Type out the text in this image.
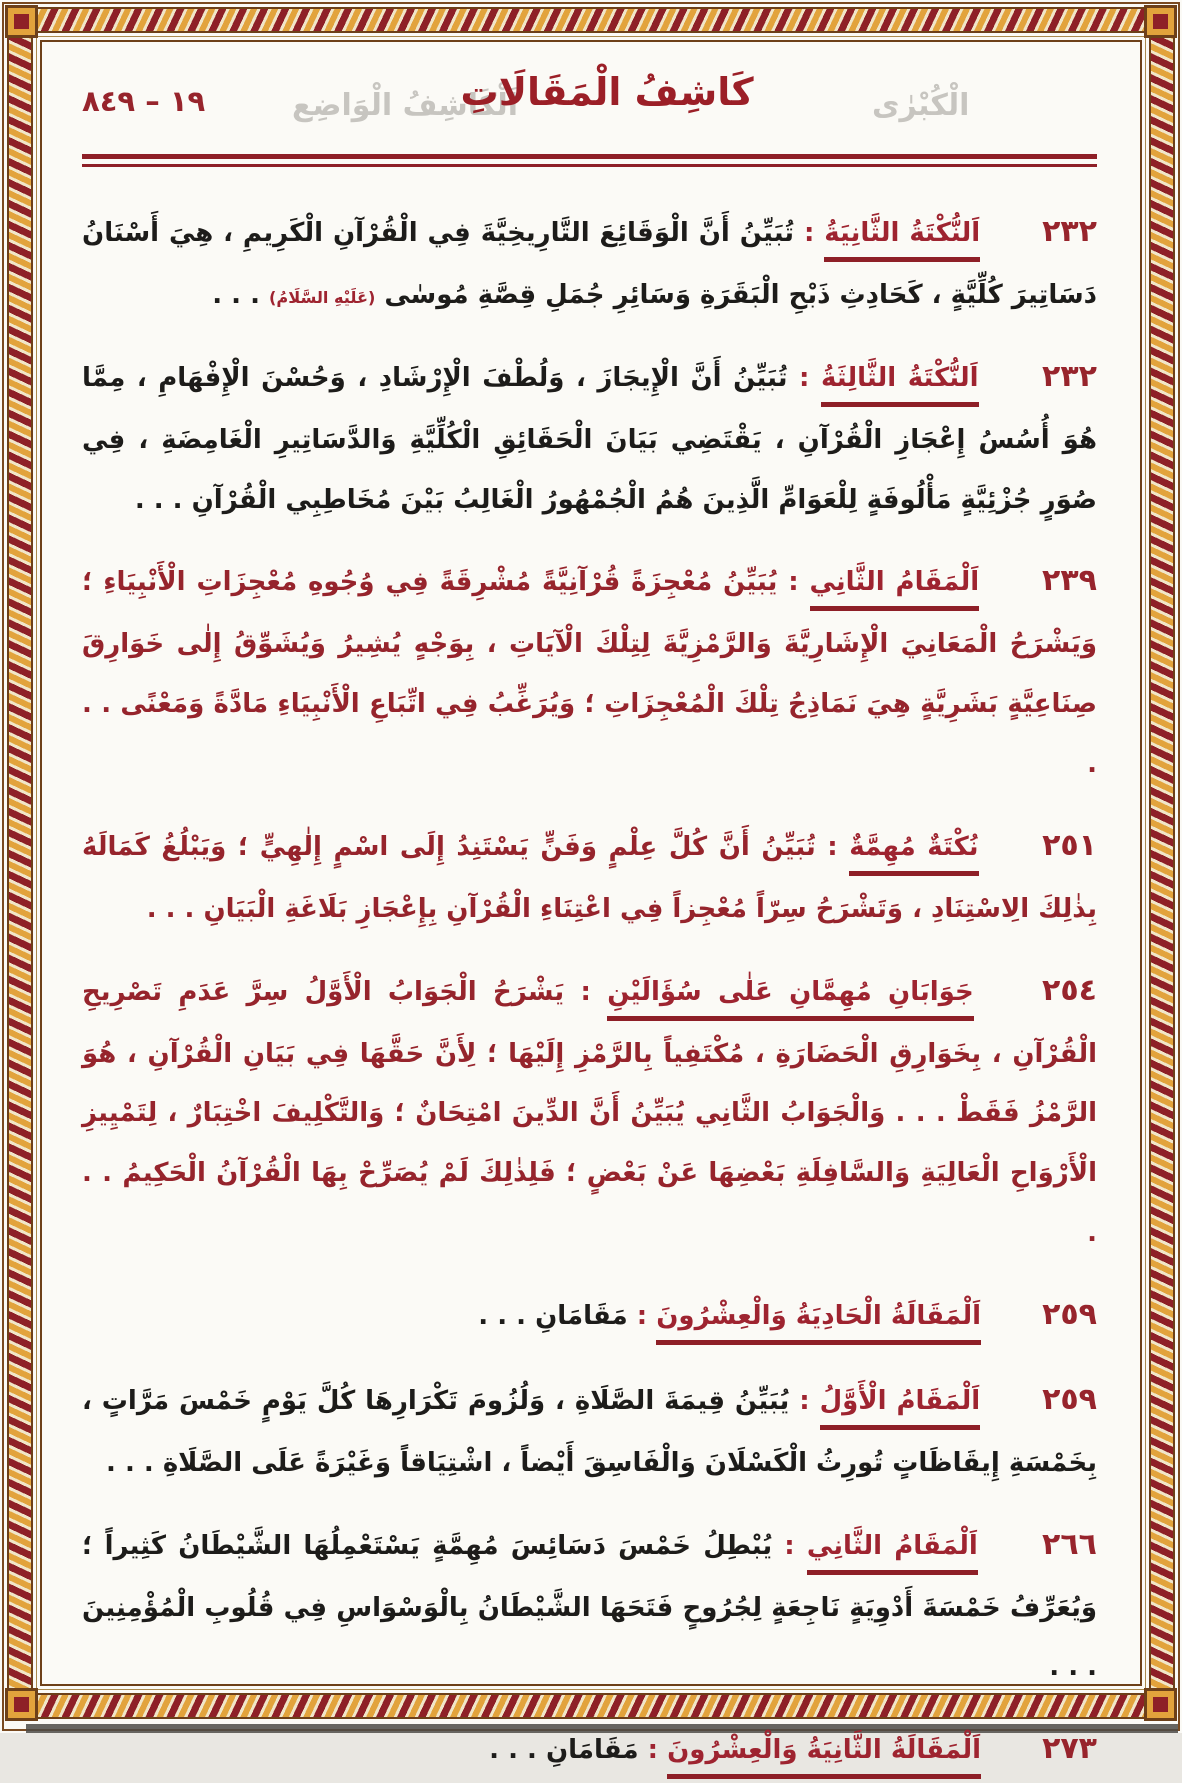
اَلْكَاشِفُ الْوَاضِع	الْكُبْرٰى
١٩ – ٨٤٩	كَاشِفُ الْمَقَالَاتِ

٢٣٢ اَلنُّكْتَةُ الثَّانِيَةُ : تُبَيِّنُ أَنَّ الْوَقَائِعَ التَّارِيخِيَّةَ فِي الْقُرْآنِ الْكَرِيمِ ، هِيَ أَسْنَانُ دَسَاتِيرَ كُلِّيَّةٍ ، كَحَادِثِ ذَبْحِ الْبَقَرَةِ وَسَائِرِ جُمَلِ قِصَّةِ مُوسٰى (عَلَيْهِ السَّلَامُ) . . .

٢٣٢ اَلنُّكْتَةُ الثَّالِثَةُ : تُبَيِّنُ أَنَّ الْإِيجَازَ ، وَلُطْفَ الْإِرْشَادِ ، وَحُسْنَ الْإِفْهَامِ ، مِمَّا هُوَ أُسُسُ إِعْجَازِ الْقُرْآنِ ، يَقْتَضِي بَيَانَ الْحَقَائِقِ الْكُلِّيَّةِ وَالدَّسَاتِيرِ الْغَامِضَةِ ، فِي صُوَرٍ جُزْئِيَّةٍ مَأْلُوفَةٍ لِلْعَوَامِّ الَّذِينَ هُمُ الْجُمْهُورُ الْغَالِبُ بَيْنَ مُخَاطِبِي الْقُرْآنِ . . .

٢٣٩ اَلْمَقَامُ الثَّانِي : يُبَيِّنُ مُعْجِزَةً قُرْآنِيَّةً مُشْرِقَةً فِي وُجُوهِ مُعْجِزَاتِ الْأَنْبِيَاءِ ؛ وَيَشْرَحُ الْمَعَانِيَ الْإِشَارِيَّةَ وَالرَّمْزِيَّةَ لِتِلْكَ الْآيَاتِ ، بِوَجْهٍ يُشِيرُ وَيُشَوِّقُ إِلٰى خَوَارِقَ صِنَاعِيَّةٍ بَشَرِيَّةٍ هِيَ نَمَاذِجُ تِلْكَ الْمُعْجِزَاتِ ؛ وَيُرَغِّبُ فِي اتِّبَاعِ الْأَنْبِيَاءِ مَادَّةً وَمَعْنًى . . .

٢٥١ نُكْتَةٌ مُهِمَّةٌ : تُبَيِّنُ أَنَّ كُلَّ عِلْمٍ وَفَنٍّ يَسْتَنِدُ إِلَى اسْمٍ إِلٰهِيٍّ ؛ وَيَبْلُغُ كَمَالَهُ بِذٰلِكَ الِاسْتِنَادِ ، وَتَشْرَحُ سِرّاً مُعْجِزاً فِي اعْتِنَاءِ الْقُرْآنِ بِإِعْجَازِ بَلَاغَةِ الْبَيَانِ . . .

٢٥٤ جَوَابَانِ مُهِمَّانِ عَلٰى سُؤَالَيْنِ : يَشْرَحُ الْجَوَابُ الْأَوَّلُ سِرَّ عَدَمِ تَصْرِيحِ الْقُرْآنِ ، بِخَوَارِقِ الْحَضَارَةِ ، مُكْتَفِياً بِالرَّمْزِ إِلَيْهَا ؛ لِأَنَّ حَقَّهَا فِي بَيَانِ الْقُرْآنِ ، هُوَ الرَّمْزُ فَقَطْ . . . وَالْجَوَابُ الثَّانِي يُبَيِّنُ أَنَّ الدِّينَ امْتِحَانٌ ؛ وَالتَّكْلِيفَ اخْتِبَارٌ ، لِتَمْيِيزِ الْأَرْوَاحِ الْعَالِيَةِ وَالسَّافِلَةِ بَعْضِهَا عَنْ بَعْضٍ ؛ فَلِذٰلِكَ لَمْ يُصَرِّحْ بِهَا الْقُرْآنُ الْحَكِيمُ . . .

٢٥٩ اَلْمَقَالَةُ الْحَادِيَةُ وَالْعِشْرُونَ : مَقَامَانِ . . .

٢٥٩ اَلْمَقَامُ الْأَوَّلُ : يُبَيِّنُ قِيمَةَ الصَّلَاةِ ، وَلُزُومَ تَكْرَارِهَا كُلَّ يَوْمٍ خَمْسَ مَرَّاتٍ ، بِخَمْسَةِ إِيقَاظَاتٍ تُورِثُ الْكَسْلَانَ وَالْفَاسِقَ أَيْضاً ، اشْتِيَاقاً وَغَيْرَةً عَلَى الصَّلَاةِ . . .

٢٦٦ اَلْمَقَامُ الثَّانِي : يُبْطِلُ خَمْسَ دَسَائِسَ مُهِمَّةٍ يَسْتَعْمِلُهَا الشَّيْطَانُ كَثِيراً ؛ وَيُعَرِّفُ خَمْسَةَ أَدْوِيَةٍ نَاجِعَةٍ لِجُرُوحٍ فَتَحَهَا الشَّيْطَانُ بِالْوَسْوَاسِ فِي قُلُوبِ الْمُؤْمِنِينَ . . .

٢٧٣ اَلْمَقَالَةُ الثَّانِيَةُ وَالْعِشْرُونَ : مَقَامَانِ . . .
